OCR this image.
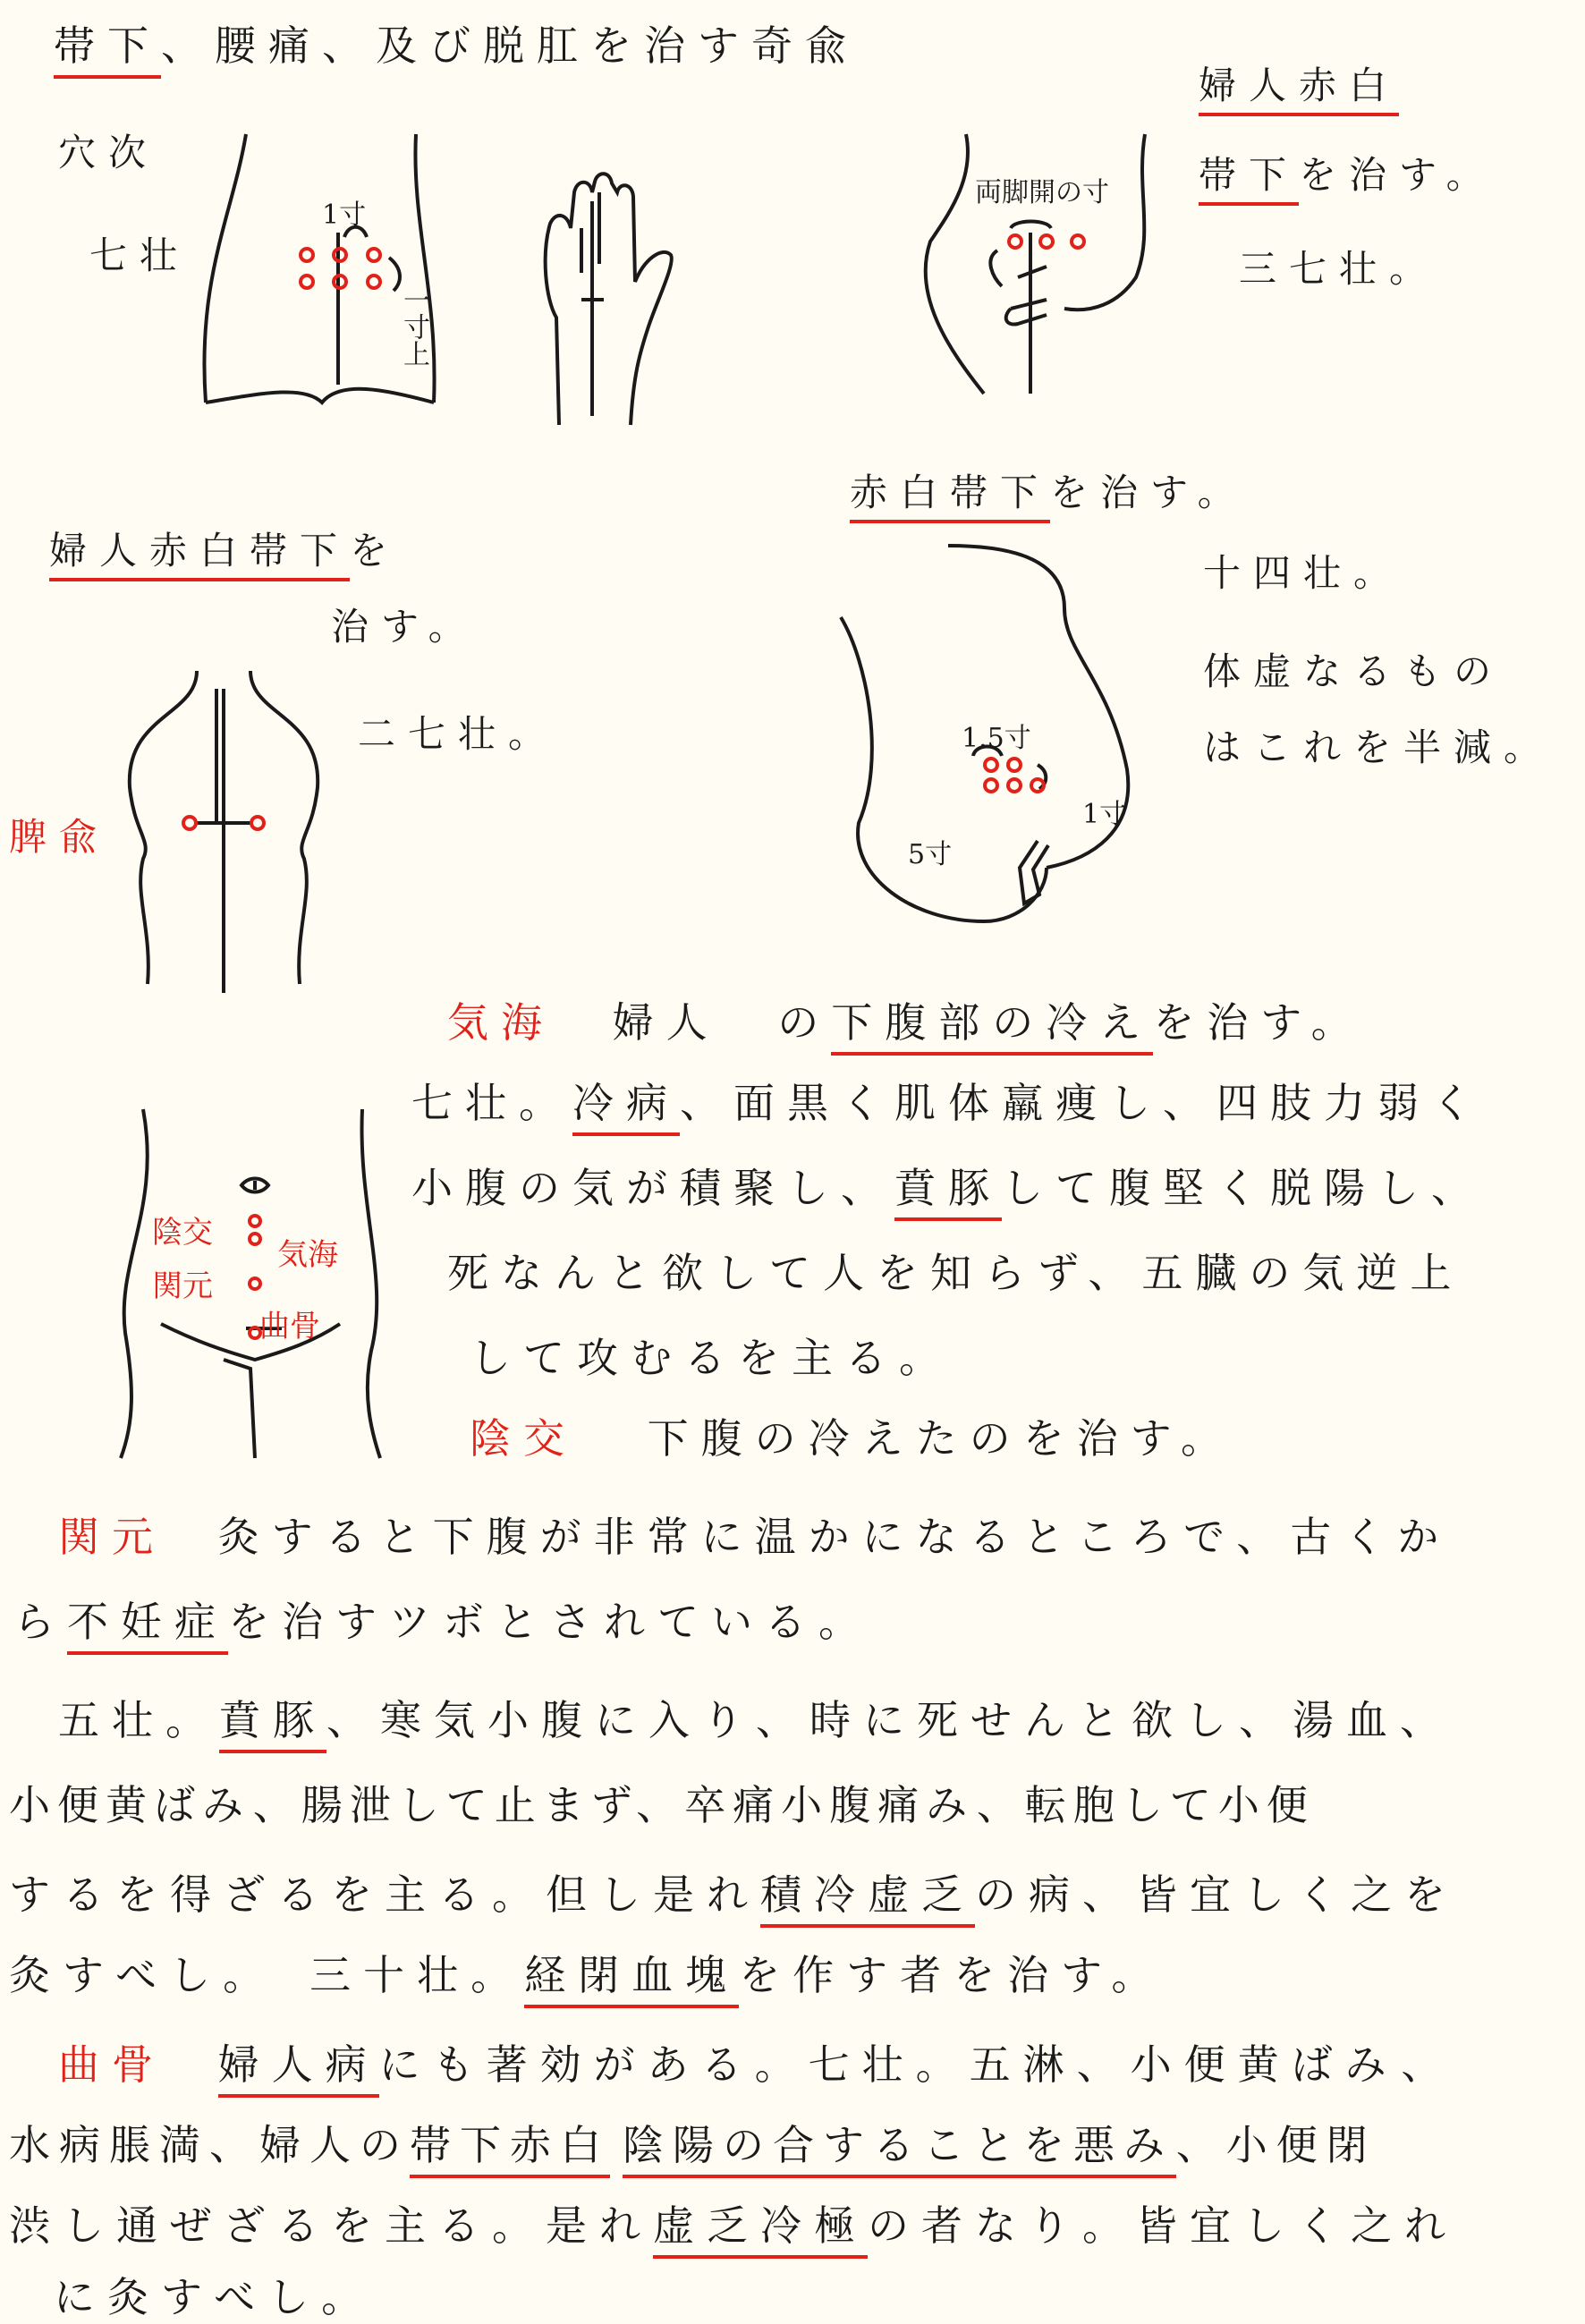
帯下、腰痛、及び脱肛を治す奇兪
穴次
七壮
1寸
一寸上
婦人赤白
帯下を治す。
三七壮。
両脚開の寸
婦人赤白帯下を
治す。
二七壮。
脾兪
赤白帯下を治す。
十四壮。
体虚なるもの
はこれを半減。
1.5寸
1寸
5寸
陰交
気海
関元
曲骨
気海 婦人 の下腹部の冷えを治す。
七壮。冷病、面黒く肌体羸痩し、四肢力弱く
小腹の気が積聚し、賁豚して腹堅く脱陽し、
死なんと欲して人を知らず、五臓の気逆上
して攻むるを主る。
陰交 下腹の冷えたのを治す。
関元 灸すると下腹が非常に温かになるところで、古くか
ら不妊症を治すツボとされている。
五壮。賁豚、寒気小腹に入り、時に死せんと欲し、湯血、
小便黄ばみ、腸泄して止まず、卒痛小腹痛み、転胞して小便
するを得ざるを主る。但し是れ積冷虚乏の病、皆宜しく之を
灸すべし。　三十壮。経閉血塊を作す者を治す。
曲骨 婦人病にも著効がある。七壮。五淋、小便黄ばみ、
水病脹満、婦人の帯下赤白 陰陽の合することを悪み、小便閉
渋し通ぜざるを主る。是れ虚乏冷極の者なり。皆宜しく之れ
に灸すべし。
